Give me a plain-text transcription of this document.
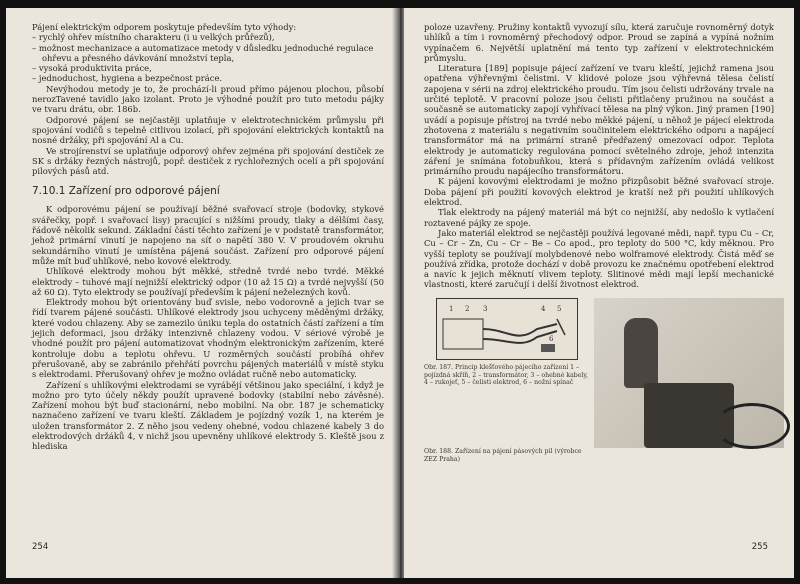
Pájení elektrickým odporem poskytuje především tyto výhody:

– rychlý ohřev místního charakteru (i u velkých průřezů),
– možnost mechanizace a automatizace metody v důsledku jednoduché regulace ohřevu a přesného dávkování množství tepla,
– vysoká produktivita práce,
– jednoduchost, hygiena a bezpečnost práce.

Nevýhodou metody je to, že prochází-li proud přímo pájenou plochou, působí nerozTavené tavidlo jako izolant. Proto je výhodné použít pro tuto metodu pájky ve tvaru drátu, obr. 186b.

Odporové pájení se nejčastěji uplatňuje v elektrotechnickém průmyslu při spojování vodičů s tepelně citlivou izolací, při spojování elektrických kontaktů na nosné držáky, při spojování Al a Cu.

Ve strojírenství se uplatňuje odporový ohřev zejména při spojování destiček ze SK s držáky řezných nástrojů, popř. destiček z rychlořezných ocelí a při spojování pilových pásů atd.

7.10.1 Zařízení pro odporové pájení

K odporovému pájení se používají běžné svařovací stroje (bodovky, stykové svářečky, popř. i svařovací lisy) pracující s nižšími proudy, tlaky a délšími časy, řádově několik sekund. Základní částí těchto zařízení je v podstatě transformátor, jehož primární vinutí je napojeno na síť o napětí 380 V. V proudovém okruhu sekundárního vinutí je umístěna pájená součást. Zařízení pro odporové pájení může mít buď uhlíkové, nebo kovové elektrody.

Uhlíkové elektrody mohou být měkké, středně tvrdé nebo tvrdé. Měkké elektrody – tuhové mají nejnižší elektrický odpor (10 až 15 Ω) a tvrdé nejvyšší (50 až 60 Ω). Tyto elektrody se používají především k pájení neželezných kovů.

Elektrody mohou být orientovány buď svisle, nebo vodorovně a jejich tvar se řídí tvarem pájené součásti. Uhlíkové elektrody jsou uchyceny měděnými držáky, které vodou chlazeny. Aby se zamezilo úniku tepla do ostatních částí zařízení a tím jejich deformaci, jsou držáky intenzivně chlazeny vodou. V sériové výrobě je vhodné použít pro pájení automatizovat vhodným elektronickým zařízením, které kontroluje dobu a teplotu ohřevu. U rozměrných součástí probíhá ohřev přerušovaně, aby se zabránilo přehřátí povrchu pájených materiálů v místě styku s elektrodami. Přerušovaný ohřev je možno ovládat ručně nebo automaticky.

Zařízení s uhlíkovými elektrodami se vyrábějí většinou jako speciální, i když je možno pro tyto účely někdy použít upravené bodovky (stabilní nebo závěsné). Zařízení mohou být buď stacionární, nebo mobilní. Na obr. 187 je schematicky naznačeno zařízení ve tvaru kleští. Základem je pojízdný vozík 1, na kterém je uložen transformátor 2. Z něho jsou vedeny ohebné, vodou chlazené kabely 3 do elektrodových držáků 4, v nichž jsou upevněny uhlíkové elektrody 5. Kleště jsou z hlediska

254

poloze uzavřeny. Pružiny kontaktů vyvozují sílu, která zaručuje rovnoměrný dotyk uhlíků a tím i rovnoměrný přechodový odpor. Proud se zapíná a vypíná nožním vypínačem 6. Největší uplatnění má tento typ zařízení v elektrotechnickém průmyslu.

Literatura [189] popisuje pájecí zařízení ve tvaru kleští, jejichž ramena jsou opatřena výhřevnými čelistmi. V klidové poloze jsou výhřevná tělesa čelistí zapojena v sérii na zdroj elektrického proudu. Tím jsou čelisti udržovány trvale na určité teplotě. V pracovní poloze jsou čelisti přitlačeny pružinou na součást a současně se automaticky zapojí vyhřívací tělesa na plný výkon. Jiný pramen [190] uvádí a popisuje přístroj na tvrdé nebo měkké pájení, u něhož je pájecí elektroda zhotovena z materiálu s negativním součinitelem elektrického odporu a napájecí transformátor má na primární straně předřazený omezovací odpor. Teplota elektrody je automaticky regulována pomocí světelného zdroje, jehož intenzita záření je snímána fotobuňkou, která s přídavným zařízením ovládá velikost primárního proudu napájecího transformátoru.

K pájení kovovými elektrodami je možno přizpůsobit běžné svařovací stroje. Doba pájení při použití kovových elektrod je kratší než při použití uhlíkových elektrod.

Tlak elektrody na pájený materiál má být co nejnižší, aby nedošlo k vytlačení roztavené pájky ze spoje.

Jako materiál elektrod se nejčastěji používá legované mědi, např. typu Cu – Cr, Cu – Cr – Zn, Cu – Cr – Be – Co apod., pro teploty do 500 °C, kdy měknou. Pro vyšší teploty se používají molybdenové nebo wolframové elektrody. Čistá měď se používá zřídka, protože dochází v době provozu ke značnému opotřebení elektrod a navíc k jejich měknutí vlivem teploty. Slitinové mědi mají lepší mechanické vlastnosti, které zaručují i delší životnost elektrod.

1 2 3	4 5
6
Obr. 187. Princip kleš̌ťového pájecího zařízení 1 – pojízdná skříň, 2 – transformátor, 3 – ohebné kabely, 4 – rukojeť, 5 – čelisti elektrod, 6 – nožní spínač
Obr. 188. Zařízení na pájení pásových pil (výrobce ZEZ Praha)
255
